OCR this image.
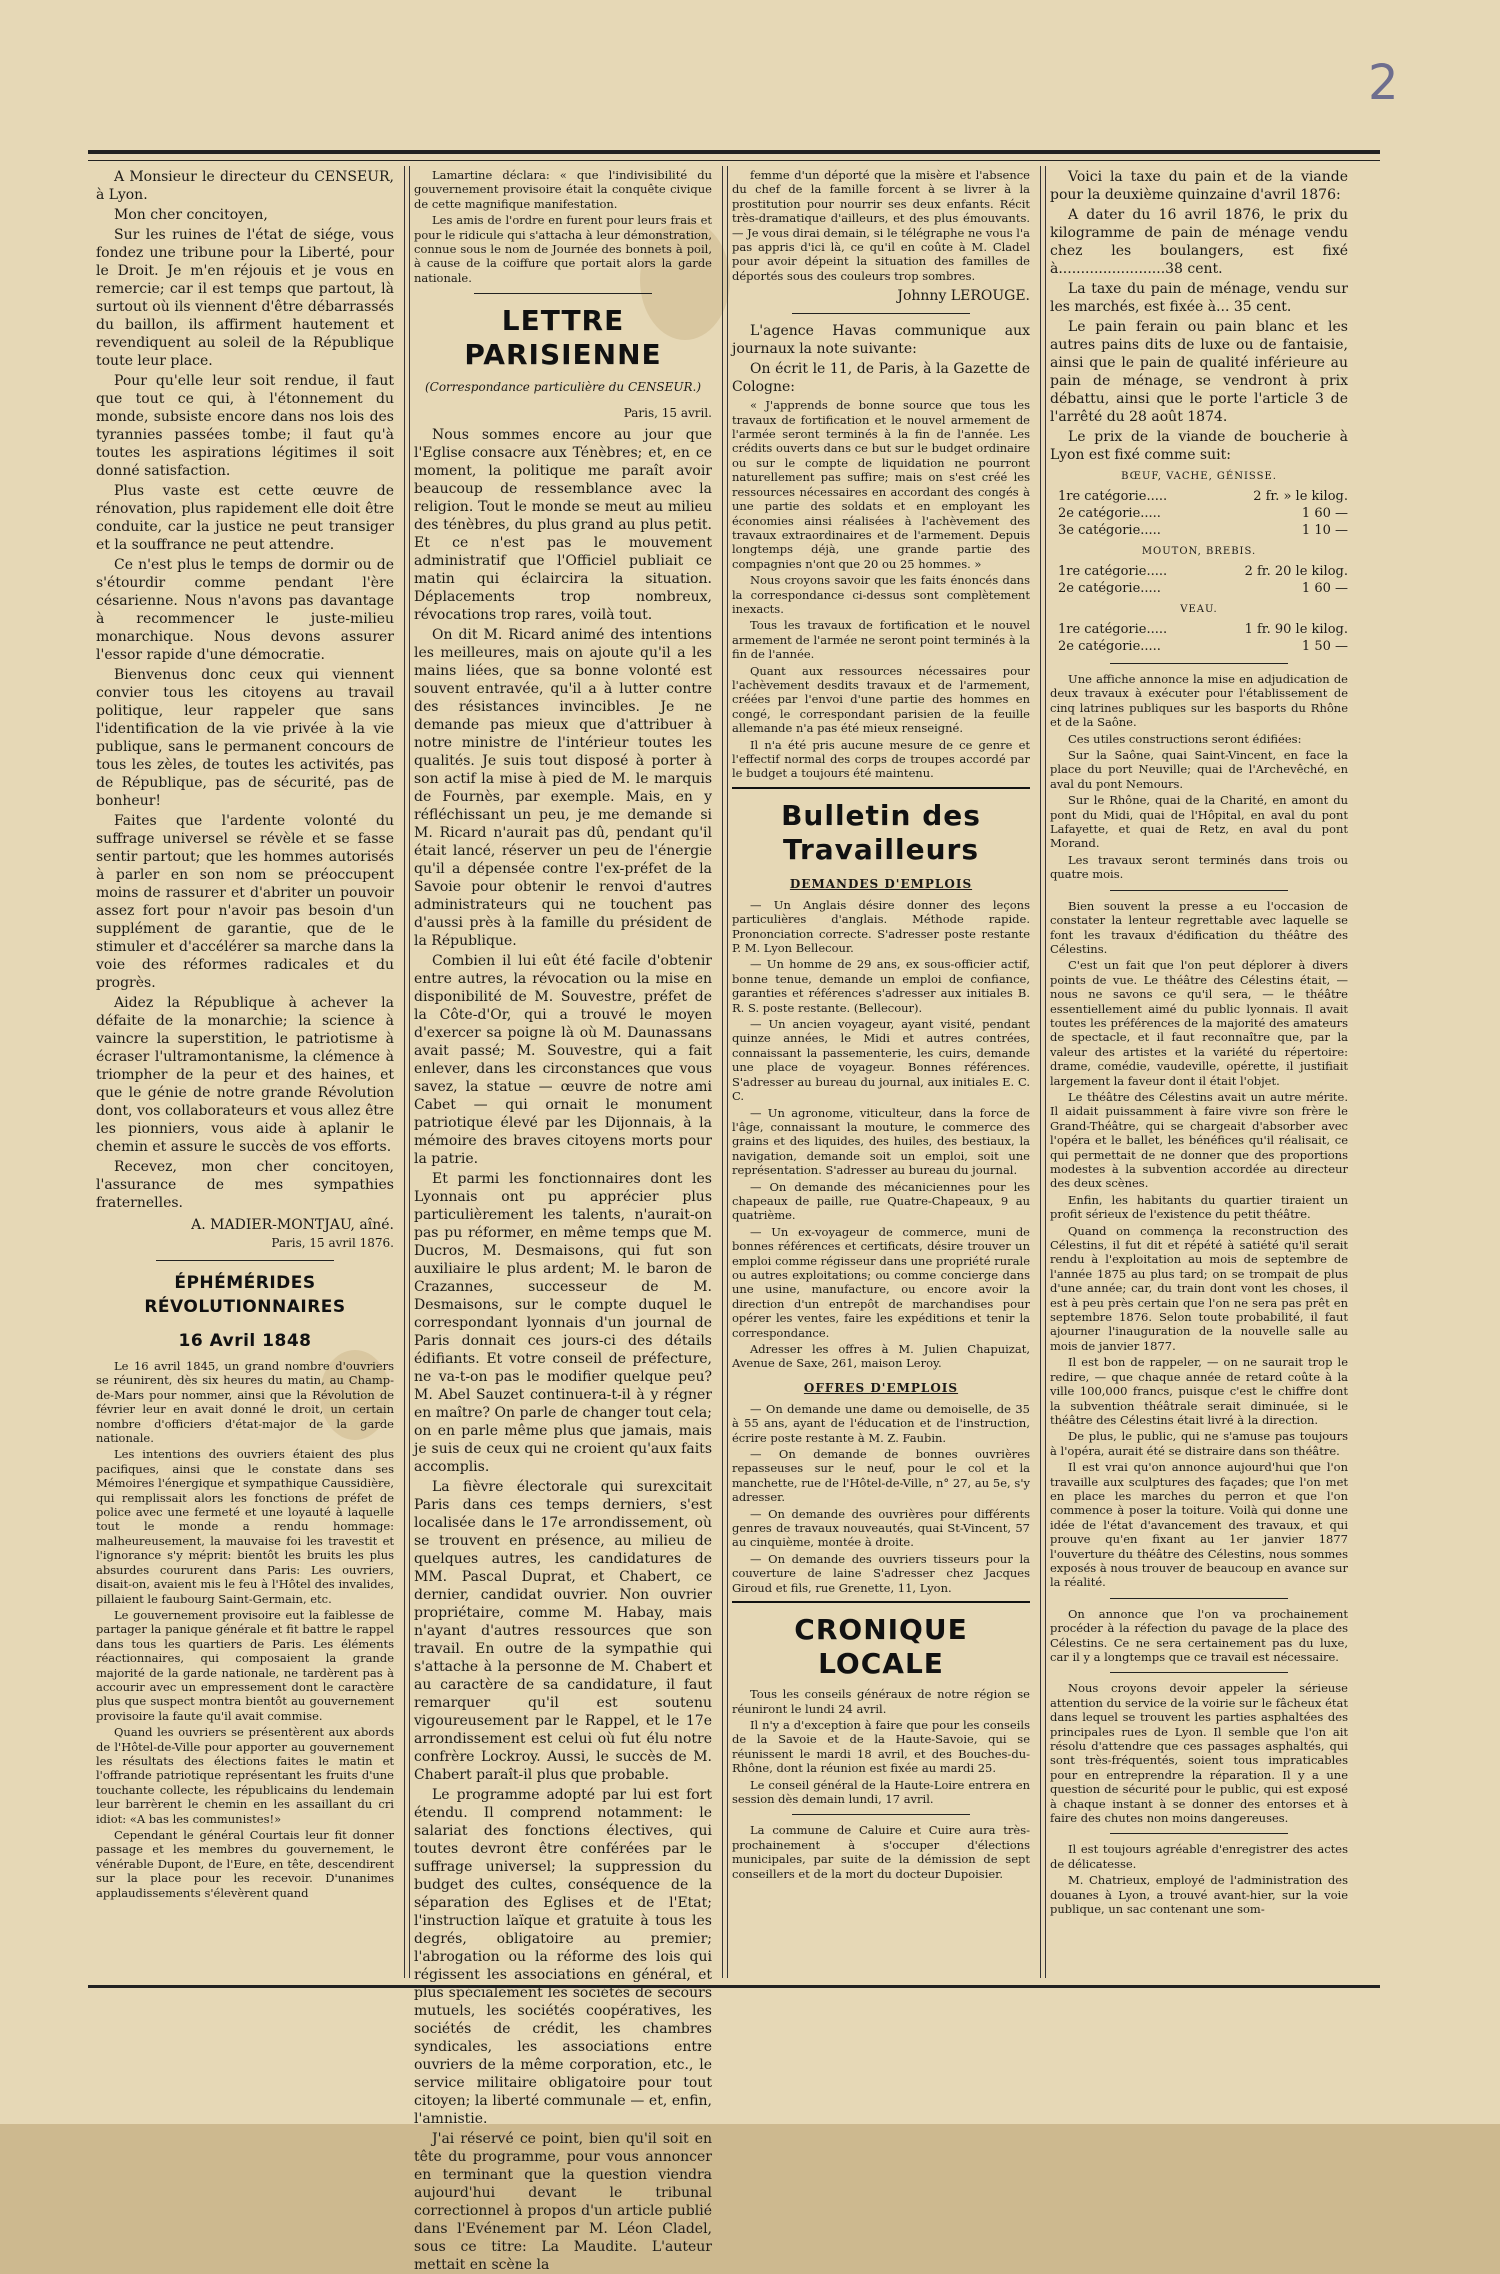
2

A Monsieur le directeur du CENSEUR, à Lyon.

Mon cher concitoyen,

Sur les ruines de l'état de siége, vous fondez une tribune pour la Liberté, pour le Droit. Je m'en réjouis et je vous en remercie; car il est temps que partout, là surtout où ils viennent d'être débarrassés du baillon, ils affirment hautement et revendiquent au soleil de la République toute leur place.

Pour qu'elle leur soit rendue, il faut que tout ce qui, à l'étonnement du monde, subsiste encore dans nos lois des tyrannies passées tombe; il faut qu'à toutes les aspirations légitimes il soit donné satisfaction.

Plus vaste est cette œuvre de rénovation, plus rapidement elle doit être conduite, car la justice ne peut transiger et la souffrance ne peut attendre.

Ce n'est plus le temps de dormir ou de s'étourdir comme pendant l'ère césarienne. Nous n'avons pas davantage à recommencer le juste-milieu monarchique. Nous devons assurer l'essor rapide d'une démocratie.

Bienvenus donc ceux qui viennent convier tous les citoyens au travail politique, leur rappeler que sans l'identification de la vie privée à la vie publique, sans le permanent concours de tous les zèles, de toutes les activités, pas de République, pas de sécurité, pas de bonheur!

Faites que l'ardente volonté du suffrage universel se révèle et se fasse sentir partout; que les hommes autorisés à parler en son nom se préoccupent moins de rassurer et d'abriter un pouvoir assez fort pour n'avoir pas besoin d'un supplément de garantie, que de le stimuler et d'accélérer sa marche dans la voie des réformes radicales et du progrès.

Aidez la République à achever la défaite de la monarchie; la science à vaincre la superstition, le patriotisme à écraser l'ultramontanisme, la clémence à triompher de la peur et des haines, et que le génie de notre grande Révolution dont, vos collaborateurs et vous allez être les pionniers, vous aide à aplanir le chemin et assure le succès de vos efforts.

Recevez, mon cher concitoyen, l'assurance de mes sympathies fraternelles.

A. MADIER-MONTJAU, aîné.
Paris, 15 avril 1876.
ÉPHÉMÉRIDES RÉVOLUTIONNAIRES
16 Avril 1848

Le 16 avril 1845, un grand nombre d'ouvriers se réunirent, dès six heures du matin, au Champ-de-Mars pour nommer, ainsi que la Révolution de février leur en avait donné le droit, un certain nombre d'officiers d'état-major de la garde nationale.

Les intentions des ouvriers étaient des plus pacifiques, ainsi que le constate dans ses Mémoires l'énergique et sympathique Caussidière, qui remplissait alors les fonctions de préfet de police avec une fermeté et une loyauté à laquelle tout le monde a rendu hommage: malheureusement, la mauvaise foi les travestit et l'ignorance s'y méprit: bientôt les bruits les plus absurdes coururent dans Paris: Les ouvriers, disait-on, avaient mis le feu à l'Hôtel des invalides, pillaient le faubourg Saint-Germain, etc.

Le gouvernement provisoire eut la faiblesse de partager la panique générale et fit battre le rappel dans tous les quartiers de Paris. Les éléments réactionnaires, qui composaient la grande majorité de la garde nationale, ne tardèrent pas à accourir avec un empressement dont le caractère plus que suspect montra bientôt au gouvernement provisoire la faute qu'il avait commise.

Quand les ouvriers se présentèrent aux abords de l'Hôtel-de-Ville pour apporter au gouvernement les résultats des élections faites le matin et l'offrande patriotique représentant les fruits d'une touchante collecte, les républicains du lendemain leur barrèrent le chemin en les assaillant du cri idiot: «A bas les communistes!»

Cependant le général Courtais leur fit donner passage et les membres du gouvernement, le vénérable Dupont, de l'Eure, en tête, descendirent sur la place pour les recevoir. D'unanimes applaudissements s'élevèrent quand

Lamartine déclara: « que l'indivisibilité du gouvernement provisoire était la conquête civique de cette magnifique manifestation.

Les amis de l'ordre en furent pour leurs frais et pour le ridicule qui s'attacha à leur démonstration, connue sous le nom de Journée des bonnets à poil, à cause de la coiffure que portait alors la garde nationale.

LETTRE PARISIENNE
(Correspondance particulière du CENSEUR.)
Paris, 15 avril.

Nous sommes encore au jour que l'Eglise consacre aux Ténèbres; et, en ce moment, la politique me paraît avoir beaucoup de ressemblance avec la religion. Tout le monde se meut au milieu des ténèbres, du plus grand au plus petit. Et ce n'est pas le mouvement administratif que l'Officiel publiait ce matin qui éclaircira la situation. Déplacements trop nombreux, révocations trop rares, voilà tout.

On dit M. Ricard animé des intentions les meilleures, mais on ajoute qu'il a les mains liées, que sa bonne volonté est souvent entravée, qu'il a à lutter contre des résistances invincibles. Je ne demande pas mieux que d'attribuer à notre ministre de l'intérieur toutes les qualités. Je suis tout disposé à porter à son actif la mise à pied de M. le marquis de Fournès, par exemple. Mais, en y réfléchissant un peu, je me demande si M. Ricard n'aurait pas dû, pendant qu'il était lancé, réserver un peu de l'énergie qu'il a dépensée contre l'ex-préfet de la Savoie pour obtenir le renvoi d'autres administrateurs qui ne touchent pas d'aussi près à la famille du président de la République.

Combien il lui eût été facile d'obtenir entre autres, la révocation ou la mise en disponibilité de M. Souvestre, préfet de la Côte-d'Or, qui a trouvé le moyen d'exercer sa poigne là où M. Daunassans avait passé; M. Souvestre, qui a fait enlever, dans les circonstances que vous savez, la statue — œuvre de notre ami Cabet — qui ornait le monument patriotique élevé par les Dijonnais, à la mémoire des braves citoyens morts pour la patrie.

Et parmi les fonctionnaires dont les Lyonnais ont pu apprécier plus particulièrement les talents, n'aurait-on pas pu réformer, en même temps que M. Ducros, M. Desmaisons, qui fut son auxiliaire le plus ardent; M. le baron de Crazannes, successeur de M. Desmaisons, sur le compte duquel le correspondant lyonnais d'un journal de Paris donnait ces jours-ci des détails édifiants. Et votre conseil de préfecture, ne va-t-on pas le modifier quelque peu? M. Abel Sauzet continuera-t-il à y régner en maître? On parle de changer tout cela; on en parle même plus que jamais, mais je suis de ceux qui ne croient qu'aux faits accomplis.

La fièvre électorale qui surexcitait Paris dans ces temps derniers, s'est localisée dans le 17e arrondissement, où se trouvent en présence, au milieu de quelques autres, les candidatures de MM. Pascal Duprat, et Chabert, ce dernier, candidat ouvrier. Non ouvrier propriétaire, comme M. Habay, mais n'ayant d'autres ressources que son travail. En outre de la sympathie qui s'attache à la personne de M. Chabert et au caractère de sa candidature, il faut remarquer qu'il est soutenu vigoureusement par le Rappel, et le 17e arrondissement est celui où fut élu notre confrère Lockroy. Aussi, le succès de M. Chabert paraît-il plus que probable.

Le programme adopté par lui est fort étendu. Il comprend notamment: le salariat des fonctions électives, qui toutes devront être conférées par le suffrage universel; la suppression du budget des cultes, conséquence de la séparation des Eglises et de l'Etat; l'instruction laïque et gratuite à tous les degrés, obligatoire au premier; l'abrogation ou la réforme des lois qui régissent les associations en général, et plus spécialement les sociétés de secours mutuels, les sociétés coopératives, les sociétés de crédit, les chambres syndicales, les associations entre ouvriers de la même corporation, etc., le service militaire obligatoire pour tout citoyen; la liberté communale — et, enfin, l'amnistie.

J'ai réservé ce point, bien qu'il soit en tête du programme, pour vous annoncer en terminant que la question viendra aujourd'hui devant le tribunal correctionnel à propos d'un article publié dans l'Evénement par M. Léon Cladel, sous ce titre: La Maudite. L'auteur mettait en scène la

femme d'un déporté que la misère et l'absence du chef de la famille forcent à se livrer à la prostitution pour nourrir ses deux enfants. Récit très-dramatique d'ailleurs, et des plus émouvants. — Je vous dirai demain, si le télégraphe ne vous l'a pas appris d'ici là, ce qu'il en coûte à M. Cladel pour avoir dépeint la situation des familles de déportés sous des couleurs trop sombres.

Johnny LEROUGE.

L'agence Havas communique aux journaux la note suivante:

On écrit le 11, de Paris, à la Gazette de Cologne:

« J'apprends de bonne source que tous les travaux de fortification et le nouvel armement de l'armée seront terminés à la fin de l'année. Les crédits ouverts dans ce but sur le budget ordinaire ou sur le compte de liquidation ne pourront naturellement pas suffire; mais on s'est créé les ressources nécessaires en accordant des congés à une partie des soldats et en employant les économies ainsi réalisées à l'achèvement des travaux extraordinaires et de l'armement. Depuis longtemps déjà, une grande partie des compagnies n'ont que 20 ou 25 hommes. »

Nous croyons savoir que les faits énoncés dans la correspondance ci-dessus sont complètement inexacts.

Tous les travaux de fortification et le nouvel armement de l'armée ne seront point terminés à la fin de l'année.

Quant aux ressources nécessaires pour l'achèvement desdits travaux et de l'armement, créées par l'envoi d'une partie des hommes en congé, le correspondant parisien de la feuille allemande n'a pas été mieux renseigné.

Il n'a été pris aucune mesure de ce genre et l'effectif normal des corps de troupes accordé par le budget a toujours été maintenu.

Bulletin des Travailleurs
DEMANDES D'EMPLOIS

— Un Anglais désire donner des leçons particulières d'anglais. Méthode rapide. Prononciation correcte. S'adresser poste restante P. M. Lyon Bellecour.

— Un homme de 29 ans, ex sous-officier actif, bonne tenue, demande un emploi de confiance, garanties et références s'adresser aux initiales B. R. S. poste restante. (Bellecour).

— Un ancien voyageur, ayant visité, pendant quinze années, le Midi et autres contrées, connaissant la passementerie, les cuirs, demande une place de voyageur. Bonnes références. S'adresser au bureau du journal, aux initiales E. C. C.

— Un agronome, viticulteur, dans la force de l'âge, connaissant la mouture, le commerce des grains et des liquides, des huiles, des bestiaux, la navigation, demande soit un emploi, soit une représentation. S'adresser au bureau du journal.

— On demande des mécaniciennes pour les chapeaux de paille, rue Quatre-Chapeaux, 9 au quatrième.

— Un ex-voyageur de commerce, muni de bonnes références et certificats, désire trouver un emploi comme régisseur dans une propriété rurale ou autres exploitations; ou comme concierge dans une usine, manufacture, ou encore avoir la direction d'un entrepôt de marchandises pour opérer les ventes, faire les expéditions et tenir la correspondance.

Adresser les offres à M. Julien Chapuizat, Avenue de Saxe, 261, maison Leroy.

OFFRES D'EMPLOIS

— On demande une dame ou demoiselle, de 35 à 55 ans, ayant de l'éducation et de l'instruction, écrire poste restante à M. Z. Faubin.

— On demande de bonnes ouvrières repasseuses sur le neuf, pour le col et la manchette, rue de l'Hôtel-de-Ville, n° 27, au 5e, s'y adresser.

— On demande des ouvrières pour différents genres de travaux nouveautés, quai St-Vincent, 57 au cinquième, montée à droite.

— On demande des ouvriers tisseurs pour la couverture de laine S'adresser chez Jacques Giroud et fils, rue Grenette, 11, Lyon.

CRONIQUE LOCALE

Tous les conseils généraux de notre région se réuniront le lundi 24 avril.

Il n'y a d'exception à faire que pour les conseils de la Savoie et de la Haute-Savoie, qui se réunissent le mardi 18 avril, et des Bouches-du-Rhône, dont la réunion est fixée au mardi 25.

Le conseil général de la Haute-Loire entrera en session dès demain lundi, 17 avril.

La commune de Caluire et Cuire aura très-prochainement à s'occuper d'élections municipales, par suite de la démission de sept conseillers et de la mort du docteur Dupoisier.

Voici la taxe du pain et de la viande pour la deuxième quinzaine d'avril 1876:

A dater du 16 avril 1876, le prix du kilogramme de pain de ménage vendu chez les boulangers, est fixé à........................38 cent.

La taxe du pain de ménage, vendu sur les marchés, est fixée à... 35 cent.

Le pain ferain ou pain blanc et les autres pains dits de luxe ou de fantaisie, ainsi que le pain de qualité inférieure au pain de ménage, se vendront à prix débattu, ainsi que le porte l'article 3 de l'arrêté du 28 août 1874.

Le prix de la viande de boucherie à Lyon est fixé comme suit:

BŒUF, VACHE, GÉNISSE.
1re catégorie.....	2 fr. » le kilog.
2e catégorie.....	1 60 —
3e catégorie.....	1 10 —
MOUTON, BREBIS.
1re catégorie.....	2 fr. 20 le kilog.
2e catégorie.....	1 60 —
VEAU.
1re catégorie.....	1 fr. 90 le kilog.
2e catégorie.....	1 50 —

Une affiche annonce la mise en adjudication de deux travaux à exécuter pour l'établissement de cinq latrines publiques sur les basports du Rhône et de la Saône.

Ces utiles constructions seront édifiées:

Sur la Saône, quai Saint-Vincent, en face la place du port Neuville; quai de l'Archevêché, en aval du pont Nemours.

Sur le Rhône, quai de la Charité, en amont du pont du Midi, quai de l'Hôpital, en aval du pont Lafayette, et quai de Retz, en aval du pont Morand.

Les travaux seront terminés dans trois ou quatre mois.

Bien souvent la presse a eu l'occasion de constater la lenteur regrettable avec laquelle se font les travaux d'édification du théâtre des Célestins.

C'est un fait que l'on peut déplorer à divers points de vue. Le théâtre des Célestins était, — nous ne savons ce qu'il sera, — le théâtre essentiellement aimé du public lyonnais. Il avait toutes les préférences de la majorité des amateurs de spectacle, et il faut reconnaître que, par la valeur des artistes et la variété du répertoire: drame, comédie, vaudeville, opérette, il justifiait largement la faveur dont il était l'objet.

Le théâtre des Célestins avait un autre mérite. Il aidait puissamment à faire vivre son frère le Grand-Théâtre, qui se chargeait d'absorber avec l'opéra et le ballet, les bénéfices qu'il réalisait, ce qui permettait de ne donner que des proportions modestes à la subvention accordée au directeur des deux scènes.

Enfin, les habitants du quartier tiraient un profit sérieux de l'existence du petit théâtre.

Quand on commença la reconstruction des Célestins, il fut dit et répété à satiété qu'il serait rendu à l'exploitation au mois de septembre de l'année 1875 au plus tard; on se trompait de plus d'une année; car, du train dont vont les choses, il est à peu près certain que l'on ne sera pas prêt en septembre 1876. Selon toute probabilité, il faut ajourner l'inauguration de la nouvelle salle au mois de janvier 1877.

Il est bon de rappeler, — on ne saurait trop le redire, — que chaque année de retard coûte à la ville 100,000 francs, puisque c'est le chiffre dont la subvention théâtrale serait diminuée, si le théâtre des Célestins était livré à la direction.

De plus, le public, qui ne s'amuse pas toujours à l'opéra, aurait été se distraire dans son théâtre.

Il est vrai qu'on annonce aujourd'hui que l'on travaille aux sculptures des façades; que l'on met en place les marches du perron et que l'on commence à poser la toiture. Voilà qui donne une idée de l'état d'avancement des travaux, et qui prouve qu'en fixant au 1er janvier 1877 l'ouverture du théâtre des Célestins, nous sommes exposés à nous trouver de beaucoup en avance sur la réalité.

On annonce que l'on va prochainement procéder à la réfection du pavage de la place des Célestins. Ce ne sera certainement pas du luxe, car il y a longtemps que ce travail est nécessaire.

Nous croyons devoir appeler la sérieuse attention du service de la voirie sur le fâcheux état dans lequel se trouvent les parties asphaltées des principales rues de Lyon. Il semble que l'on ait résolu d'attendre que ces passages asphaltés, qui sont très-fréquentés, soient tous impraticables pour en entreprendre la réparation. Il y a une question de sécurité pour le public, qui est exposé à chaque instant à se donner des entorses et à faire des chutes non moins dangereuses.

Il est toujours agréable d'enregistrer des actes de délicatesse.

M. Chatrieux, employé de l'administration des douanes à Lyon, a trouvé avant-hier, sur la voie publique, un sac contenant une som-
